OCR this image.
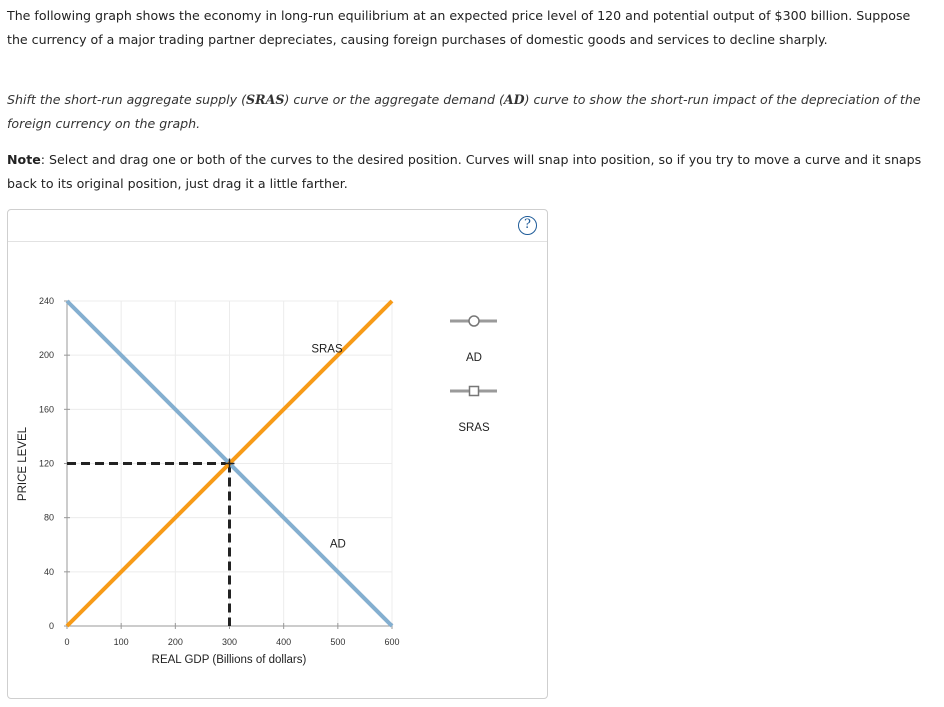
The following graph shows the economy in long-run equilibrium at an expected price level of 120 and potential output of $300 billion. Suppose the currency of a major trading partner depreciates, causing foreign purchases of domestic goods and services to decline sharply.
Shift the short-run aggregate supply (SRAS) curve or the aggregate demand (AD) curve to show the short-run impact of the depreciation of the foreign currency on the graph.
Note: Select and drag one or both of the curves to the desired position. Curves will snap into position, so if you try to move a curve and it snaps back to its original position, just drag it a little farther.
?
0	100	200	300	400	500	600
0
40
80
120
160
200
240
REAL GDP (Billions of dollars)
PRICE LEVEL
AD
SRAS
AD
SRAS
